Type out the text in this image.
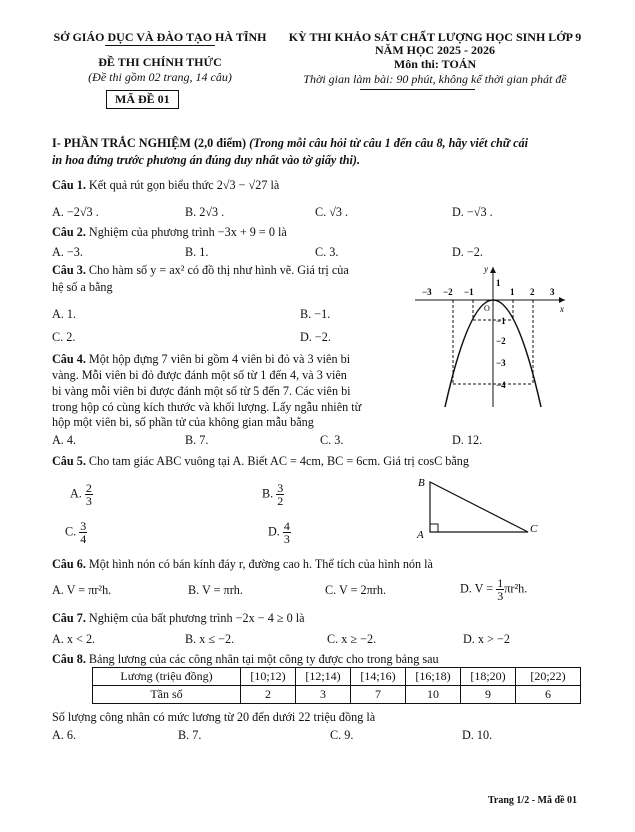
SỞ GIÁO DỤC VÀ ĐÀO TẠO HÀ TĨNH
ĐỀ THI CHÍNH THỨC
(Đề thi gồm 02 trang, 14 câu)
MÃ ĐỀ 01
KỲ THI KHẢO SÁT CHẤT LƯỢNG HỌC SINH LỚP 9
NĂM HỌC 2025 - 2026
Môn thi: TOÁN
Thời gian làm bài: 90 phút, không kể thời gian phát đề
I- PHẦN TRẮC NGHIỆM (2,0 điểm) (Trong mỗi câu hỏi từ câu 1 đến câu 8, hãy viết chữ cái
in hoa đứng trước phương án đúng duy nhất vào tờ giấy thi).
Câu 1. Kết quả rút gọn biểu thức 2√3 − √27 là
A. −2√3 .	B. 2√3 .	C. √3 .	D. −√3 .
Câu 2. Nghiệm của phương trình −3x + 9 = 0 là
A. −3.	B. 1.	C. 3.	D. −2.
Câu 3. Cho hàm số y = ax² có đồ thị như hình vẽ. Giá trị của
hệ số a bằng
A. 1.	B. −1.
C. 2.	D. −2.
−3 −2 −1	1 2 3
1
−1
−2
−3
−4
y
x
O
Câu 4. Một hộp đựng 7 viên bi gồm 4 viên bi đỏ và 3 viên bi
vàng. Mỗi viên bi đỏ được đánh một số từ 1 đến 4, và 3 viên
bi vàng mỗi viên bi được đánh một số từ 5 đến 7. Các viên bi
trong hộp có cùng kích thước và khối lượng. Lấy ngẫu nhiên từ
hộp một viên bi, số phần tử của không gian mẫu bằng
A. 4.	B. 7.	C. 3.	D. 12.
Câu 5. Cho tam giác ABC vuông tại A. Biết AC = 4cm, BC = 6cm. Giá trị cosC bằng
A. $\frac{2}{3}$	B. $\frac{3}{2}$
C. $\frac{3}{4}$	D. $\frac{4}{3}$
B
A	C
Câu 6. Một hình nón có bán kính đáy r, đường cao h. Thể tích của hình nón là
A. V = πr²h.	B. V = πrh.	C. V = 2πrh.	D. $V = \frac{1}{3} \pi r^2h$.
Câu 7. Nghiệm của bất phương trình −2x − 4 ≥ 0 là
A. x < 2.	B. x ≤ −2.	C. x ≥ −2.	D. x > −2
Câu 8. Bảng lương của các công nhân tại một công ty được cho trong bảng sau
Lương (triệu đồng)	[10;12)	[12;14)	[14;16)	[16;18)	[18;20)	[20;22)
Tần số	2	3	7	10	9	6
Số lượng công nhân có mức lương từ 20 đến dưới 22 triệu đồng là
A. 6.	B. 7.	C. 9.	D. 10.
Trang 1/2 - Mã đề 01
